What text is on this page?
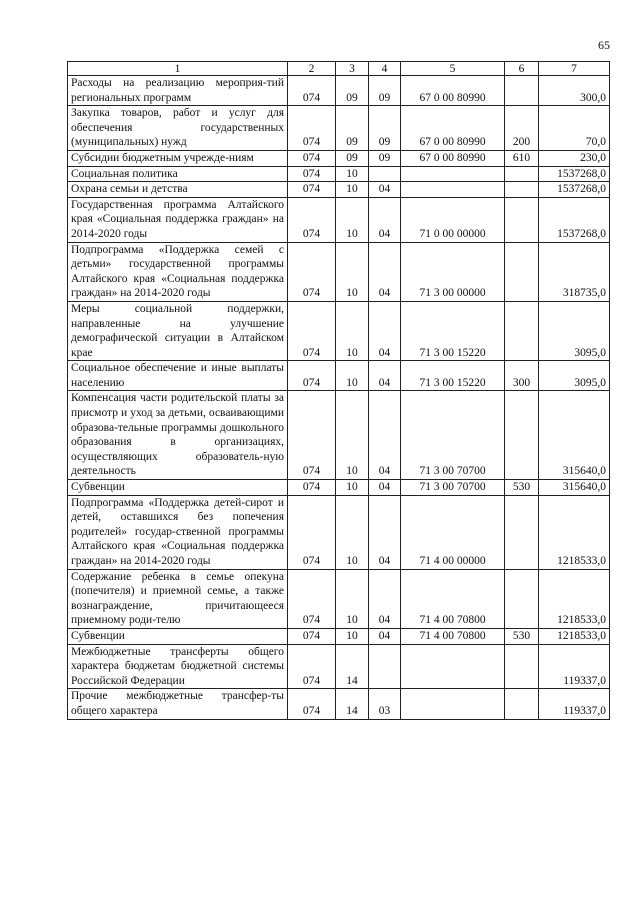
65
1	2	3	4	5	6	7
Расходы на реализацию мероприя-тий региональных программ	074	09	09	67 0 00 80990		300,0
Закупка товаров, работ и услуг для обеспечения государственных (муниципальных) нужд	074	09	09	67 0 00 80990	200	70,0
Субсидии бюджетным учрежде-ниям	074	09	09	67 0 00 80990	610	230,0
Социальная политика	074	10				1537268,0
Охрана семьи и детства	074	10	04			1537268,0
Государственная программа Алтайского края «Социальная поддержка граждан» на 2014-2020 годы	074	10	04	71 0 00 00000		1537268,0
Подпрограмма «Поддержка семей с детьми» государственной программы Алтайского края «Социальная поддержка граждан» на 2014-2020 годы	074	10	04	71 3 00 00000		318735,0
Меры социальной поддержки, направленные на улучшение демографической ситуации в Алтайском крае	074	10	04	71 3 00 15220		3095,0
Социальное обеспечение и иные выплаты населению	074	10	04	71 3 00 15220	300	3095,0
Компенсация части родительской платы за присмотр и уход за детьми, осваивающими образова-тельные программы дошкольного образования в организациях, осуществляющих образователь-ную деятельность	074	10	04	71 3 00 70700		315640,0
Субвенции	074	10	04	71 3 00 70700	530	315640,0
Подпрограмма «Поддержка детей-сирот и детей, оставшихся без попечения родителей» государ-ственной программы Алтайского края «Социальная поддержка граждан» на 2014-2020 годы	074	10	04	71 4 00 00000		1218533,0
Содержание ребенка в семье опекуна (попечителя) и приемной семье, а также вознаграждение, причитающееся приемному роди-телю	074	10	04	71 4 00 70800		1218533,0
Субвенции	074	10	04	71 4 00 70800	530	1218533,0
Межбюджетные трансферты общего характера бюджетам бюджетной системы Российской Федерации	074	14				119337,0
Прочие межбюджетные трансфер-ты общего характера	074	14	03			119337,0
